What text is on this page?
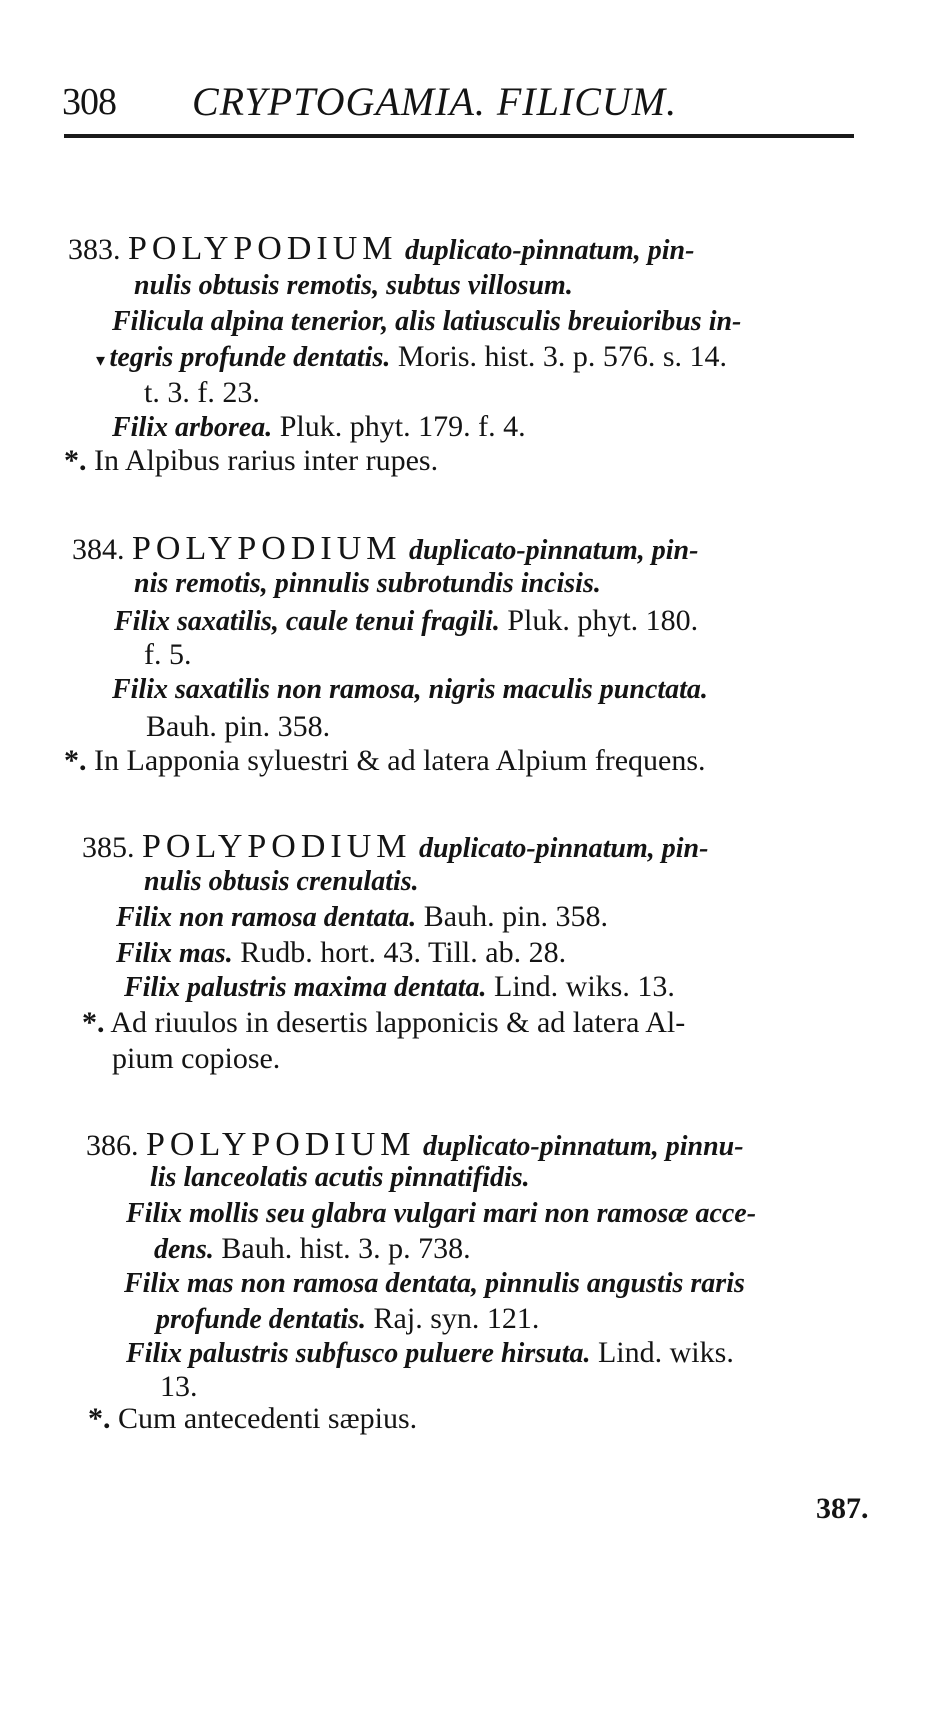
308 CRYPTOGAMIA. FILICUM.
383. POLYPODIUM duplicato-pinnatum, pin-
nulis obtusis remotis, subtus villosum.
Filicula alpina tenerior, alis latiusculis breuioribus in-
▾ tegris profunde dentatis. Moris. hist. 3. p. 576. s. 14.
t. 3. f. 23.
Filix arborea. Pluk. phyt. 179. f. 4.
*. In Alpibus rarius inter rupes.
384. POLYPODIUM duplicato-pinnatum, pin-
nis remotis, pinnulis subrotundis incisis.
Filix saxatilis, caule tenui fragili. Pluk. phyt. 180.
f. 5.
Filix saxatilis non ramosa, nigris maculis punctata.
Bauh. pin. 358.
*. In Lapponia syluestri & ad latera Alpium frequens.
385. POLYPODIUM duplicato-pinnatum, pin-
nulis obtusis crenulatis.
Filix non ramosa dentata. Bauh. pin. 358.
Filix mas. Rudb. hort. 43. Till. ab. 28.
Filix palustris maxima dentata. Lind. wiks. 13.
*. Ad riuulos in desertis lapponicis & ad latera Al-
pium copiose.
386. POLYPODIUM duplicato-pinnatum, pinnu-
lis lanceolatis acutis pinnatifidis.
Filix mollis seu glabra vulgari mari non ramosæ acce-
dens. Bauh. hist. 3. p. 738.
Filix mas non ramosa dentata, pinnulis angustis raris
profunde dentatis. Raj. syn. 121.
Filix palustris subfusco puluere hirsuta. Lind. wiks.
13.
*. Cum antecedenti sæpius.
387.
